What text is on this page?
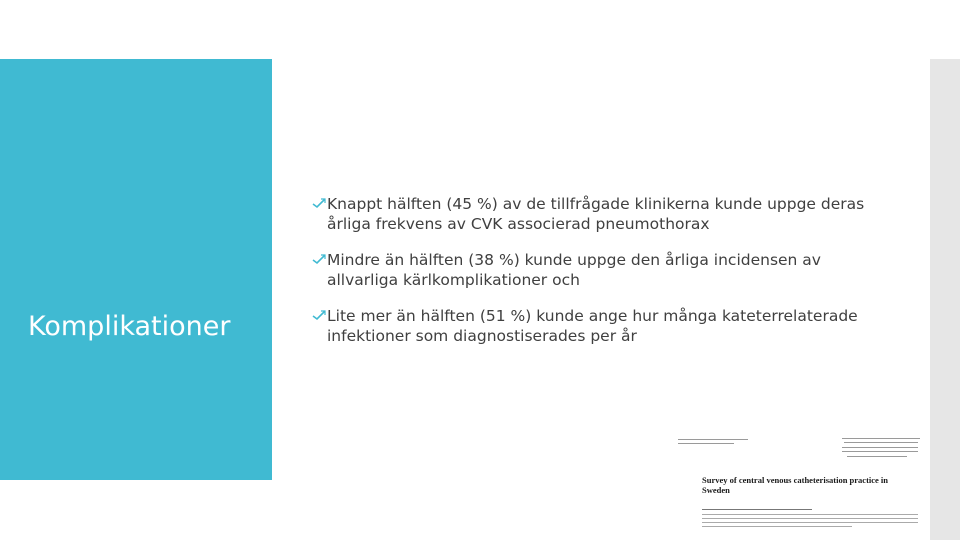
Komplikationer
Knappt hälften (45 %) av de tillfrågade klinikerna kunde uppge deras årliga frekvens av CVK associerad pneumothorax
Mindre än hälften (38 %) kunde uppge den årliga incidensen av allvarliga kärlkomplikationer och
Lite mer än hälften (51 %) kunde ange hur många kateterrelaterade infektioner som diagnostiserades per år
Survey of central venous catheterisation practice in Sweden
